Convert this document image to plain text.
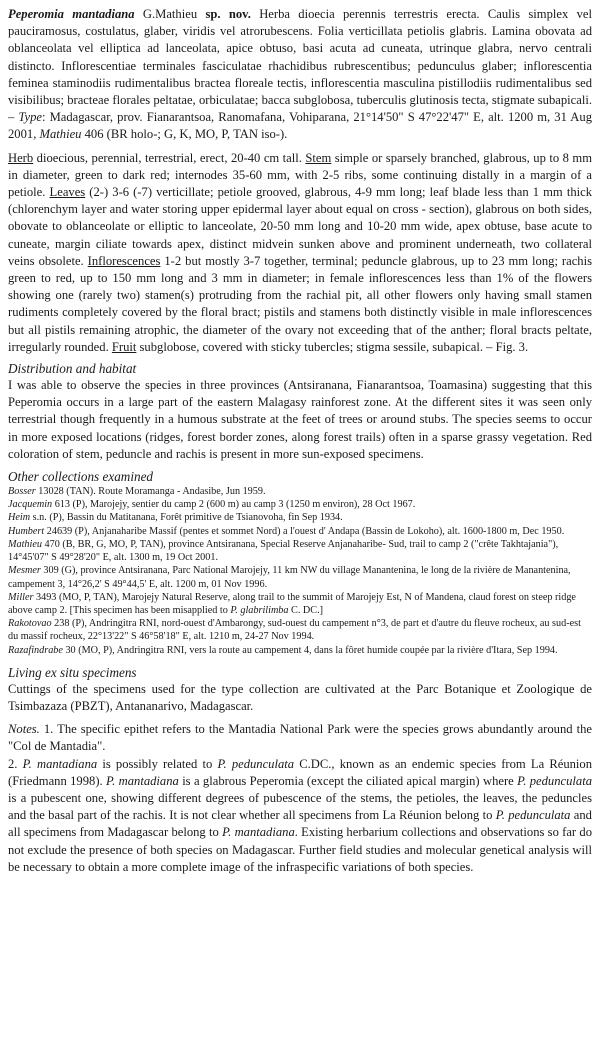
Peperomia mantadiana G.Mathieu sp. nov. Herba dioecia perennis terrestris erecta. Caulis simplex vel pauciramosus, costulatus, glaber, viridis vel atrorubescens. Folia verticillata petiolis glabris. Lamina obovata ad oblanceolata vel elliptica ad lanceolata, apice obtuso, basi acuta ad cuneata, utrinque glabra, nervo centrali distincto. Inflorescentiae terminales fasciculatae rhachidibus rubrescentibus; pedunculus glaber; inflorescentia feminea staminodiis rudimentalibus bractea floreale tectis, inflorescentia masculina pistillodiis rudimentalibus sed visibilibus; bracteae florales peltatae, orbiculatae; bacca subglobosa, tuberculis glutinosis tecta, stigmate subapicali. – Type: Madagascar, prov. Fianarantsoa, Ranomafana, Vohiparana, 21°14'50" S 47°22'47" E, alt. 1200 m, 31 Aug 2001, Mathieu 406 (BR holo-; G, K, MO, P, TAN iso-).

Herb dioecious, perennial, terrestrial, erect, 20-40 cm tall. Stem simple or sparsely branched, glabrous, up to 8 mm in diameter, green to dark red; internodes 35-60 mm, with 2-5 ribs, some continuing distally in a margin of a petiole. Leaves (2-) 3-6 (-7) verticillate; petiole grooved, glabrous, 4-9 mm long; leaf blade less than 1 mm thick (chlorenchym layer and water storing upper epidermal layer about equal on cross - section), glabrous on both sides, obovate to oblanceolate or elliptic to lanceolate, 20-50 mm long and 10-20 mm wide, apex obtuse, base acute to cuneate, margin ciliate towards apex, distinct midvein sunken above and prominent underneath, two collateral veins obsolete. Inflorescences 1-2 but mostly 3-7 together, terminal; peduncle glabrous, up to 23 mm long; rachis green to red, up to 150 mm long and 3 mm in diameter; in female inflorescences less than 1% of the flowers showing one (rarely two) stamen(s) protruding from the rachial pit, all other flowers only having small stamen rudiments completely covered by the floral bract; pistils and stamens both distinctly visible in male inflorescences but all pistils remaining atrophic, the diameter of the ovary not exceeding that of the anther; floral bracts peltate, irregularly rounded. Fruit subglobose, covered with sticky tubercles; stigma sessile, subapical. – Fig. 3.

Distribution and habitat

I was able to observe the species in three provinces (Antsiranana, Fianarantsoa, Toamasina) suggesting that this Peperomia occurs in a large part of the eastern Malagasy rainforest zone. At the different sites it was seen only terrestrial though frequently in a humous substrate at the feet of trees or around stubs. The species seems to occur in more exposed locations (ridges, forest border zones, along forest trails) often in a sparse grassy vegetation. Red coloration of stem, peduncle and rachis is present in more sun-exposed specimens.

Other collections examined

Bosser 13028 (TAN). Route Moramanga - Andasibe, Jun 1959.

Jacquemin 613 (P), Marojejy, sentier du camp 2 (600 m) au camp 3 (1250 m environ), 28 Oct 1967.

Heim s.n. (P), Bassin du Matitanana, Forêt primitive de Tsianovoha, fin Sep 1934.

Humbert 24639 (P), Anjanaharibe Massif (pentes et sommet Nord) a l'ouest d' Andapa (Bassin de Lokoho), alt. 1600-1800 m, Dec 1950.

Mathieu 470 (B, BR, G, MO, P, TAN), province Antsiranana, Special Reserve Anjanaharibe- Sud, trail to camp 2 ("crête Takhtajania"), 14°45'07" S 49°28'20" E, alt. 1300 m, 19 Oct 2001.

Mesmer 309 (G), province Antsiranana, Parc National Marojejy, 11 km NW du village Manantenina, le long de la rivière de Manantenina, campement 3, 14°26,2' S 49°44,5' E, alt. 1200 m, 01 Nov 1996.

Miller 3493 (MO, P, TAN), Marojejy Natural Reserve, along trail to the summit of Marojejy Est, N of Mandena, claud forest on steep ridge above camp 2. [This specimen has been misapplied to P. glabrilimba C. DC.]

Rakotovao 238 (P), Andringitra RNI, nord-ouest d'Ambarongy, sud-ouest du campement n°3, de part et d'autre du fleuve rocheux, au sud-est du massif rocheux, 22°13'22" S 46°58'18" E, alt. 1210 m, 24-27 Nov 1994.

Razafindrabe 30 (MO, P), Andringitra RNI, vers la route au campement 4, dans la fôret humide coupée par la rivière d'Itara, Sep 1994.

Living ex situ specimens

Cuttings of the specimens used for the type collection are cultivated at the Parc Botanique et Zoologique de Tsimbazaza (PBZT), Antananarivo, Madagascar.

Notes. 1. The specific epithet refers to the Mantadia National Park were the species grows abundantly around the "Col de Mantadia".

2. P. mantadiana is possibly related to P. pedunculata C.DC., known as an endemic species from La Réunion (Friedmann 1998). P. mantadiana is a glabrous Peperomia (except the ciliated apical margin) where P. pedunculata is a pubescent one, showing different degrees of pubescence of the stems, the petioles, the leaves, the peduncles and the basal part of the rachis. It is not clear whether all specimens from La Réunion belong to P. pedunculata and all specimens from Madagascar belong to P. mantadiana. Existing herbarium collections and observations so far do not exclude the presence of both species on Madagascar. Further field studies and molecular genetical analysis will be necessary to obtain a more complete image of the infraspecific variations of both species.
